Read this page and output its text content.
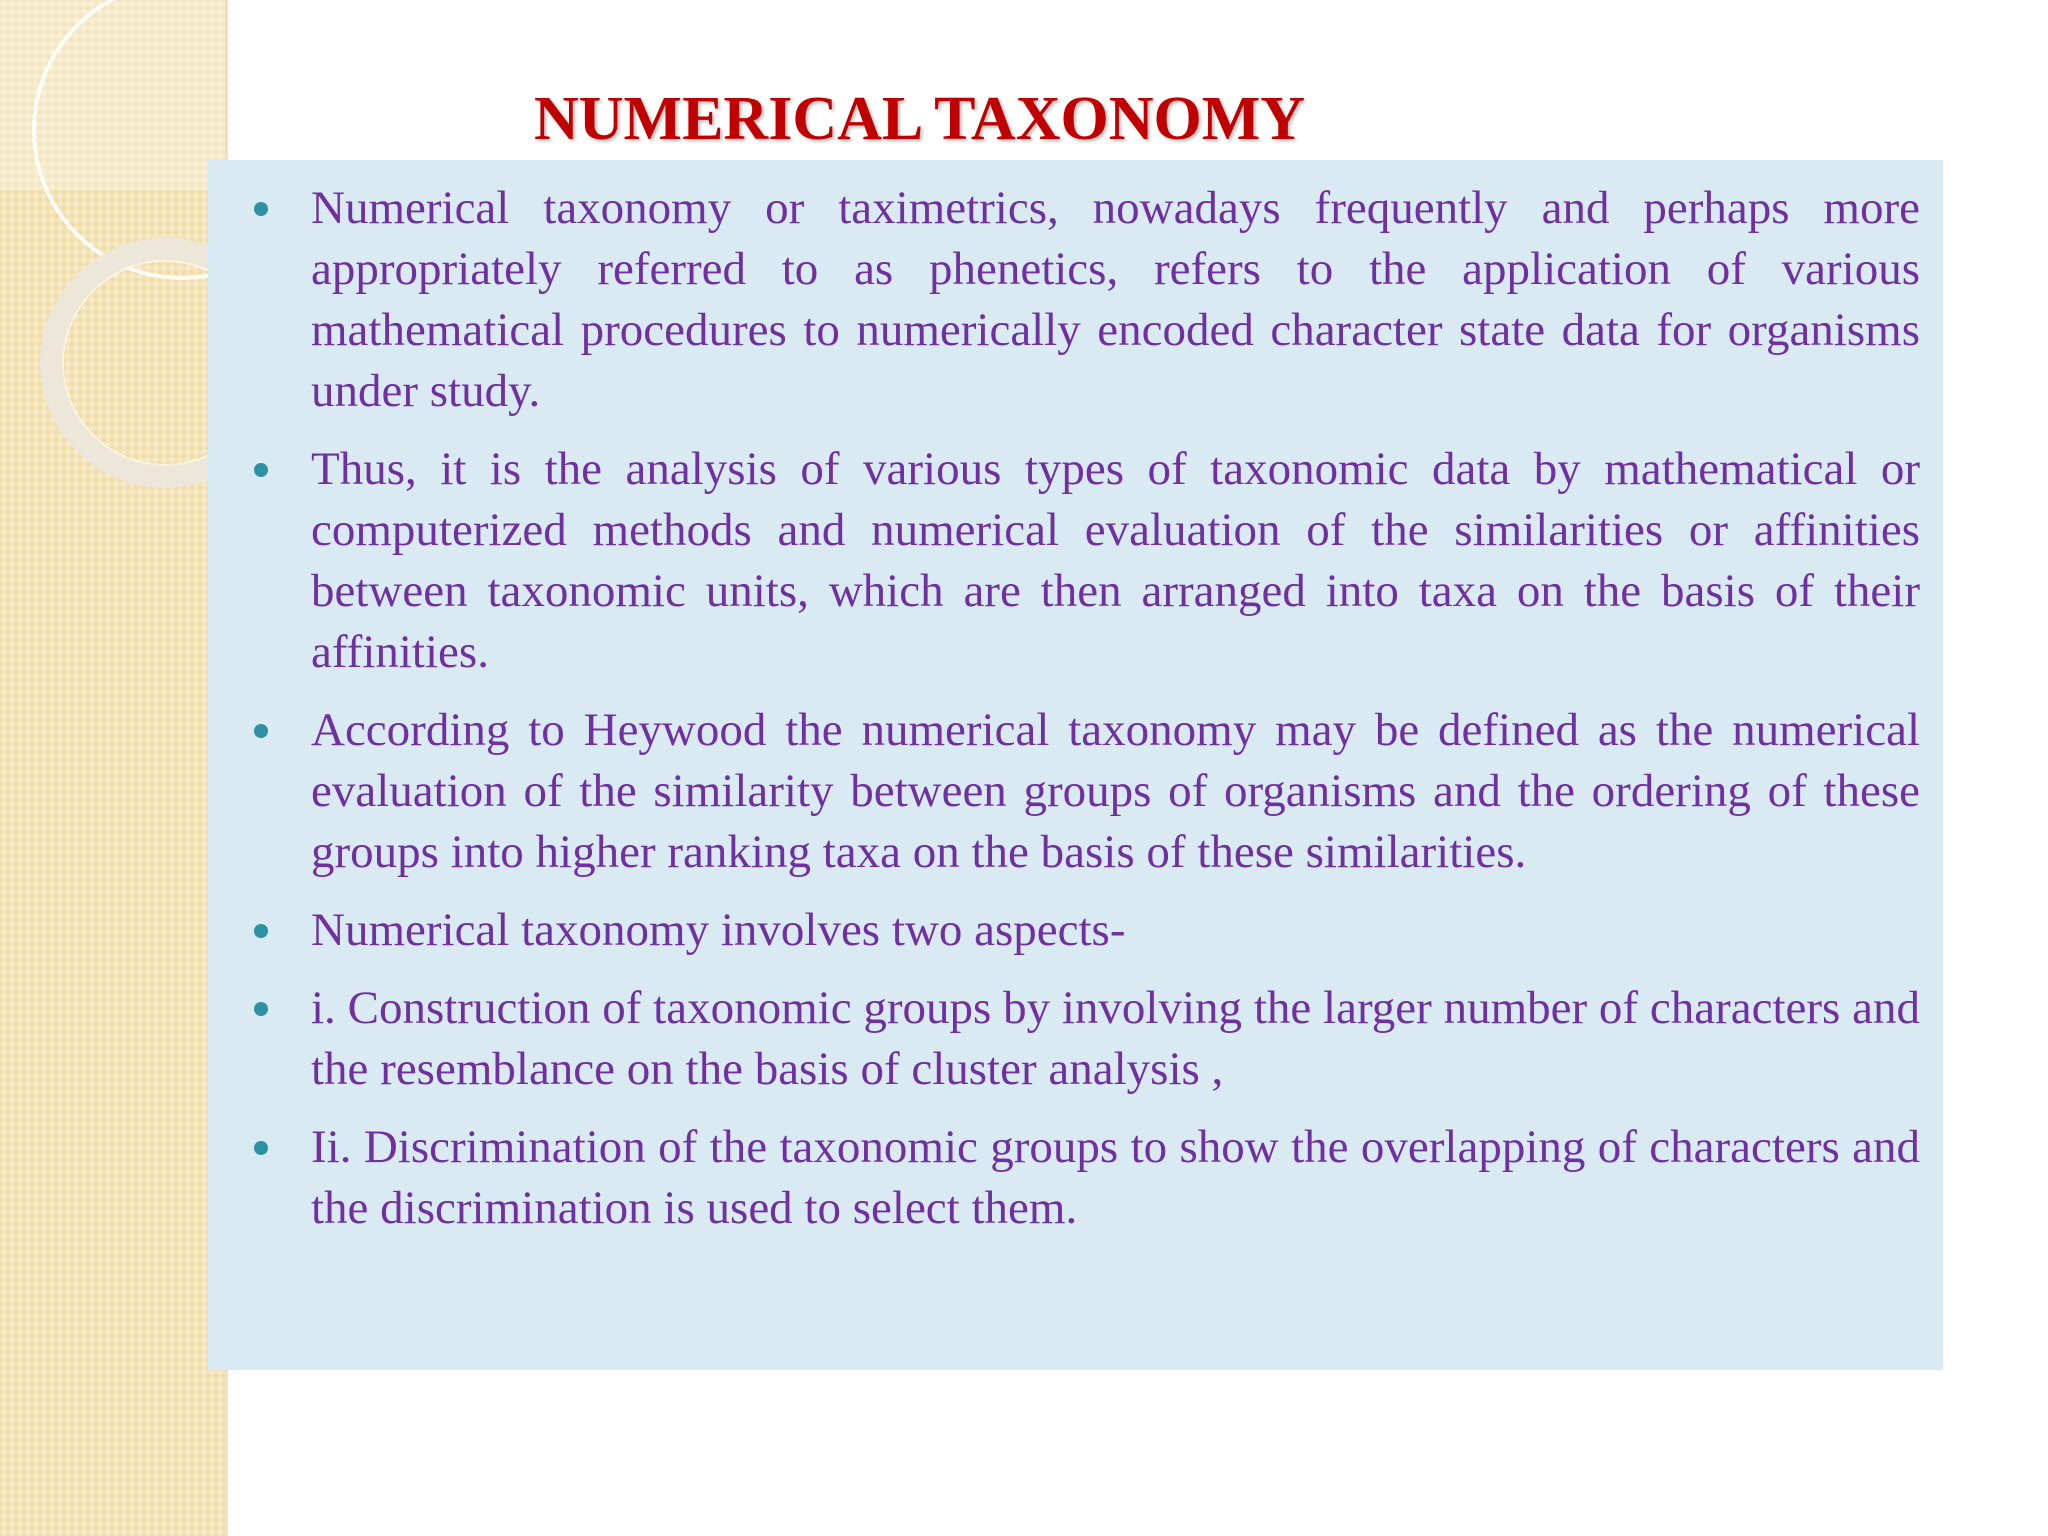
NUMERICAL TAXONOMY
Numerical taxonomy or taximetrics, nowadays frequently and perhaps more appropriately referred to as phenetics, refers to the application of various mathematical procedures to numerically encoded character state data for organisms under study.
Thus, it is the analysis of various types of taxonomic data by mathematical or computerized methods and numerical evaluation of the similarities or affinities between taxonomic units, which are then arranged into taxa on the basis of their affinities.
According to Heywood the numerical taxonomy may be defined as the numerical evaluation of the similarity between groups of organisms and the ordering of these groups into higher ranking taxa on the basis of these similarities.
Numerical taxonomy involves two aspects-
i. Construction of taxonomic groups by involving the larger number of characters and the resemblance on the basis of cluster analysis ,
Ii. Discrimination of the taxonomic groups to show the overlapping of characters and the discrimination is used to select them.
